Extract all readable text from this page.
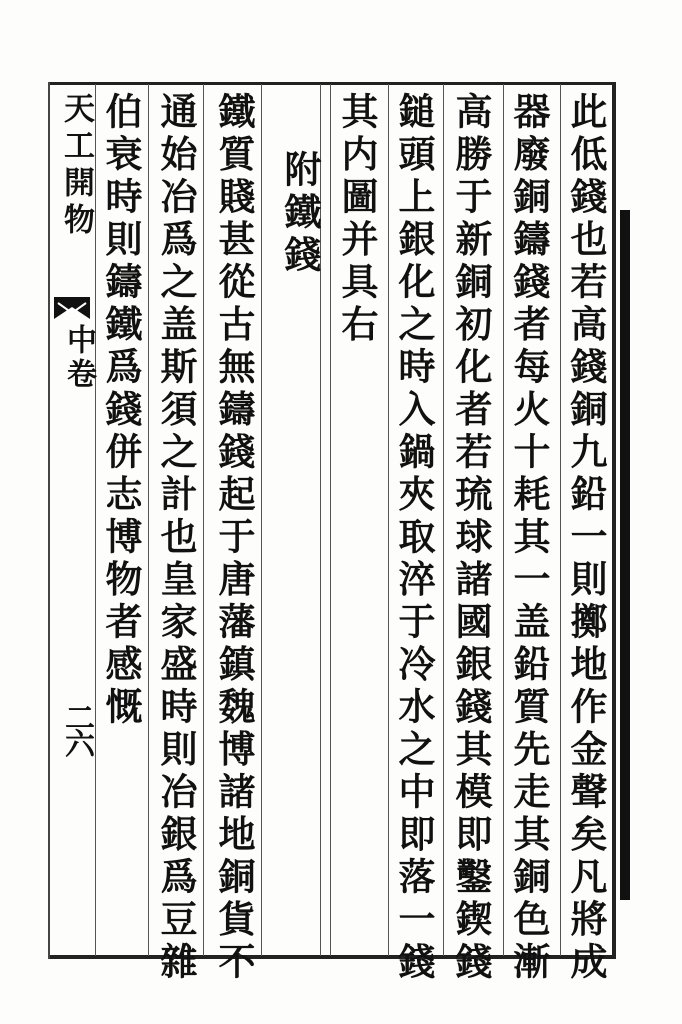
此低錢也若高錢銅九鉛一則擲地作金聲矣凡將成
器廢銅鑄錢者每火十耗其一盖鉛質先走其銅色漸
高勝于新銅初化者若琉球諸國銀錢其模即鑿鍥錢
鎚頭上銀化之時入鍋夾取淬于冷水之中即落一錢
其内圖并具右
附鐵錢
鐵質賤甚從古無鑄錢起于唐藩鎮魏博諸地銅貨不
通始冶爲之盖斯須之計也皇家盛時則冶銀爲豆雜
伯衰時則鑄鐵爲錢併志博物者感慨
天工開物
中卷
二六
